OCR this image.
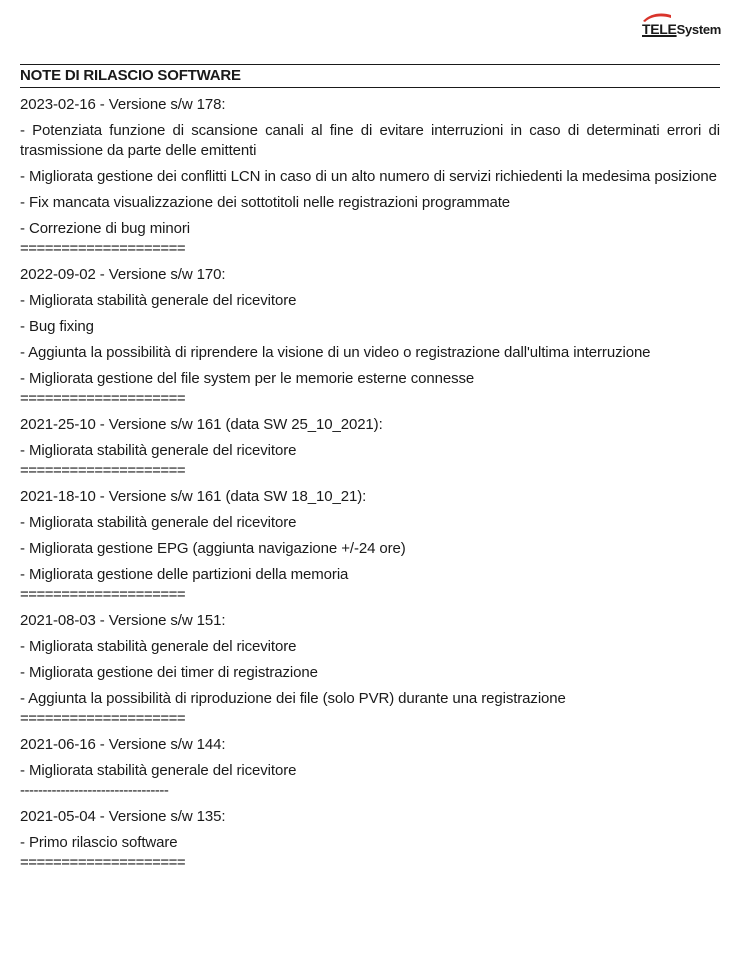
TELESystem
NOTE DI RILASCIO SOFTWARE

2023-02-16 - Versione s/w 178:

- Potenziata funzione di scansione canali al fine di evitare interruzioni in caso di determinati errori di trasmissione da parte delle emittenti

- Migliorata gestione dei conflitti LCN in caso di un alto numero di servizi richiedenti la medesima posizione

- Fix mancata visualizzazione dei sottotitoli nelle registrazioni programmate

- Correzione di bug minori

====================

2022-09-02 - Versione s/w 170:

- Migliorata stabilità generale del ricevitore

- Bug fixing

- Aggiunta la possibilità di riprendere la visione di un video o registrazione dall'ultima interruzione

- Migliorata gestione del file system per le memorie esterne connesse

====================

2021-25-10 - Versione s/w 161 (data SW 25_10_2021):

- Migliorata stabilità generale del ricevitore

====================

2021-18-10 - Versione s/w 161 (data SW 18_10_21):

- Migliorata stabilità generale del ricevitore

- Migliorata gestione EPG (aggiunta navigazione +/-24 ore)

- Migliorata gestione delle partizioni della memoria

====================

2021-08-03 - Versione s/w 151:

- Migliorata stabilità generale del ricevitore

- Migliorata gestione dei timer di registrazione

- Aggiunta la possibilità di riproduzione dei file (solo PVR) durante una registrazione

====================

2021-06-16 - Versione s/w 144:

- Migliorata stabilità generale del ricevitore

---------------------------------

2021-05-04 - Versione s/w 135:

- Primo rilascio software

====================
